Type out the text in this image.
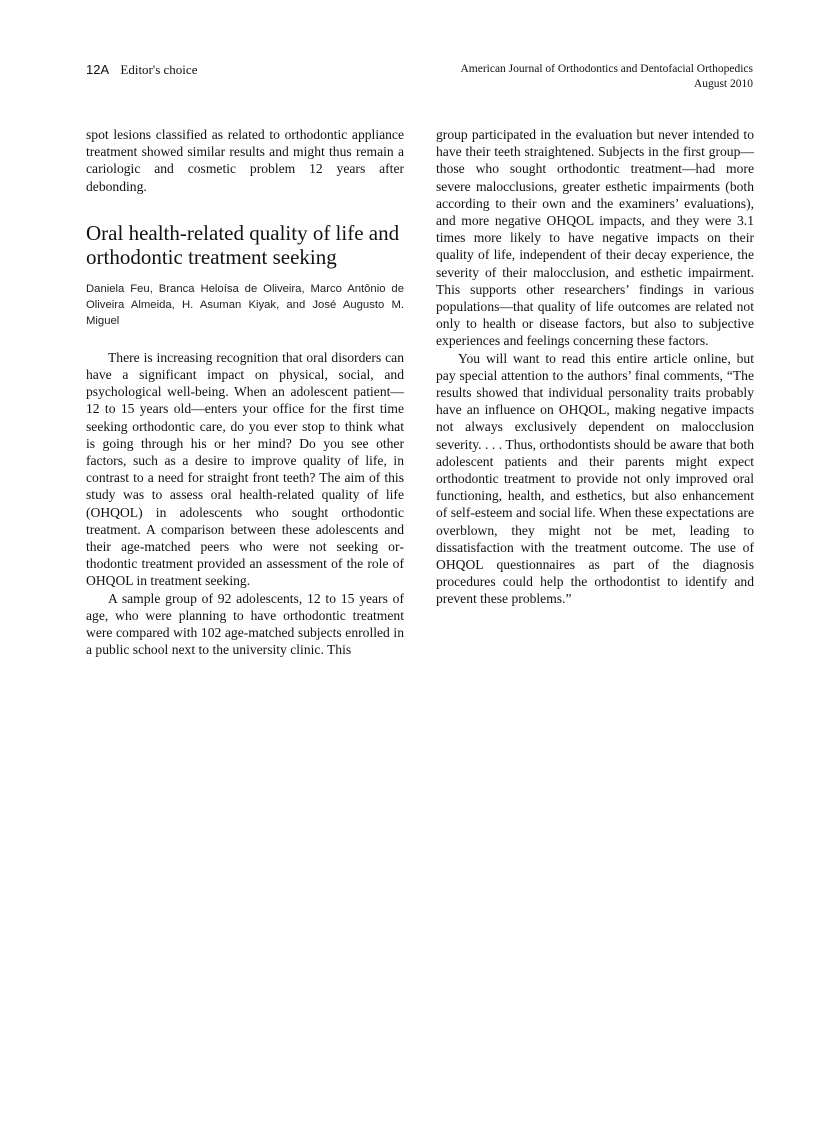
12A Editor's choice	American Journal of Orthodontics and Dentofacial Orthopedics
August 2010

spot lesions classified as related to orthodontic appliance treatment showed similar results and might thus remain a cariologic and cosmetic problem 12 years after debonding.

Oral health-related quality of life and orthodontic treatment seeking
Daniela Feu, Branca Heloísa de Oliveira, Marco Antônio de Oliveira Almeida, H. Asuman Kiyak, and José Augusto M. Miguel

There is increasing recognition that oral disorders can have a significant impact on physical, social, and psychological well-being. When an adolescent patient—12 to 15 years old—enters your office for the first time seeking orthodontic care, do you ever stop to think what is going through his or her mind? Do you see other factors, such as a desire to improve quality of life, in contrast to a need for straight front teeth? The aim of this study was to assess oral health-related quality of life (OHQOL) in adolescents who sought orthodontic treatment. A comparison between these adolescents and their age-matched peers who were not seeking orthodontic treatment provided an assessment of the role of OHQOL in treatment seeking.

A sample group of 92 adolescents, 12 to 15 years of age, who were planning to have orthodontic treatment were compared with 102 age-matched subjects enrolled in a public school next to the university clinic. This

group participated in the evaluation but never intended to have their teeth straightened. Subjects in the first group—those who sought orthodontic treatment—had more severe malocclusions, greater esthetic impairments (both according to their own and the examiners’ evaluations), and more negative OHQOL impacts, and they were 3.1 times more likely to have negative impacts on their quality of life, independent of their decay experience, the severity of their malocclusion, and esthetic impairment. This supports other researchers’ findings in various populations—that quality of life outcomes are related not only to health or disease factors, but also to subjective experiences and feelings concerning these factors.

You will want to read this entire article online, but pay special attention to the authors’ final comments, “The results showed that individual personality traits probably have an influence on OHQOL, making negative impacts not always exclusively dependent on malocclusion severity. . . . Thus, orthodontists should be aware that both adolescent patients and their parents might expect orthodontic treatment to provide not only improved oral functioning, health, and esthetics, but also enhancement of self-esteem and social life. When these expectations are overblown, they might not be met, leading to dissatisfaction with the treatment outcome. The use of OHQOL questionnaires as part of the diagnosis procedures could help the orthodontist to identify and prevent these problems.”
